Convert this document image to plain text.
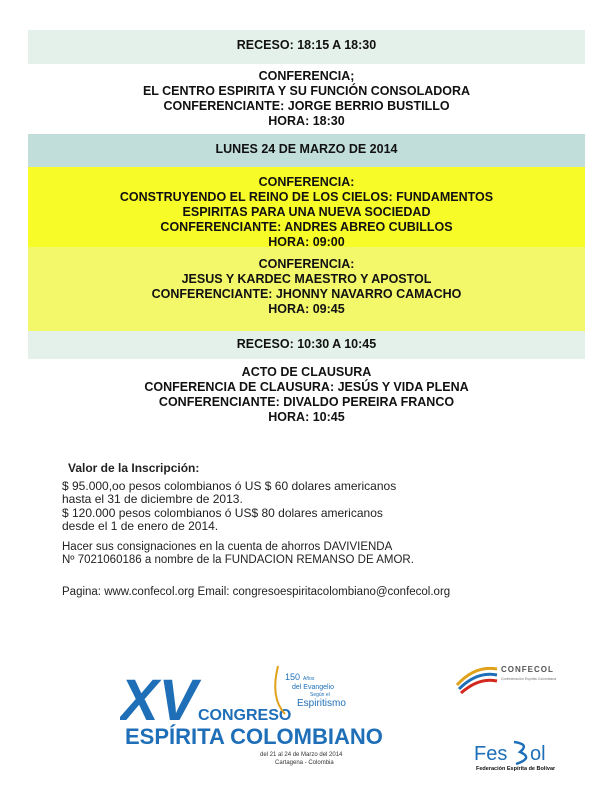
RECESO: 18:15 A 18:30
CONFERENCIA;
EL CENTRO ESPIRITA Y SU FUNCIÓN CONSOLADORA
CONFERENCIANTE: JORGE BERRIO BUSTILLO
HORA: 18:30
LUNES 24 DE MARZO DE 2014
CONFERENCIA:
CONSTRUYENDO EL REINO DE LOS CIELOS: FUNDAMENTOS
ESPIRITAS PARA UNA NUEVA SOCIEDAD
CONFERENCIANTE: ANDRES ABREO CUBILLOS
HORA: 09:00
CONFERENCIA:
JESUS Y KARDEC MAESTRO Y APOSTOL
CONFERENCIANTE: JHONNY NAVARRO CAMACHO
HORA: 09:45
RECESO: 10:30 A 10:45
ACTO DE CLAUSURA
CONFERENCIA DE CLAUSURA: JESÚS Y VIDA PLENA
CONFERENCIANTE: DIVALDO PEREIRA FRANCO
HORA: 10:45
Valor de la Inscripción:
$ 95.000,oo pesos colombianos ó US $ 60 dolares americanos
hasta el 31 de diciembre de 2013.
$ 120.000 pesos colombianos ó US$ 80 dolares americanos
desde el 1 de enero de 2014.
Hacer sus consignaciones en la cuenta de ahorros DAVIVIENDA
Nº 7021060186 a nombre de la FUNDACION REMANSO DE AMOR.
Pagina: www.confecol.org Email: congresoespiritacolombiano@confecol.org
XV CONGRESO
ESPÍRITA COLOMBIANO
150 Años
del Evangelio
Según el
Espiritismo
del 21 al 24 de Marzo del 2014
Cartagena - Colombia
CONFECOL
Confederación Espírita Colombiana
Fes ol
Federación Espírita de Bolívar
